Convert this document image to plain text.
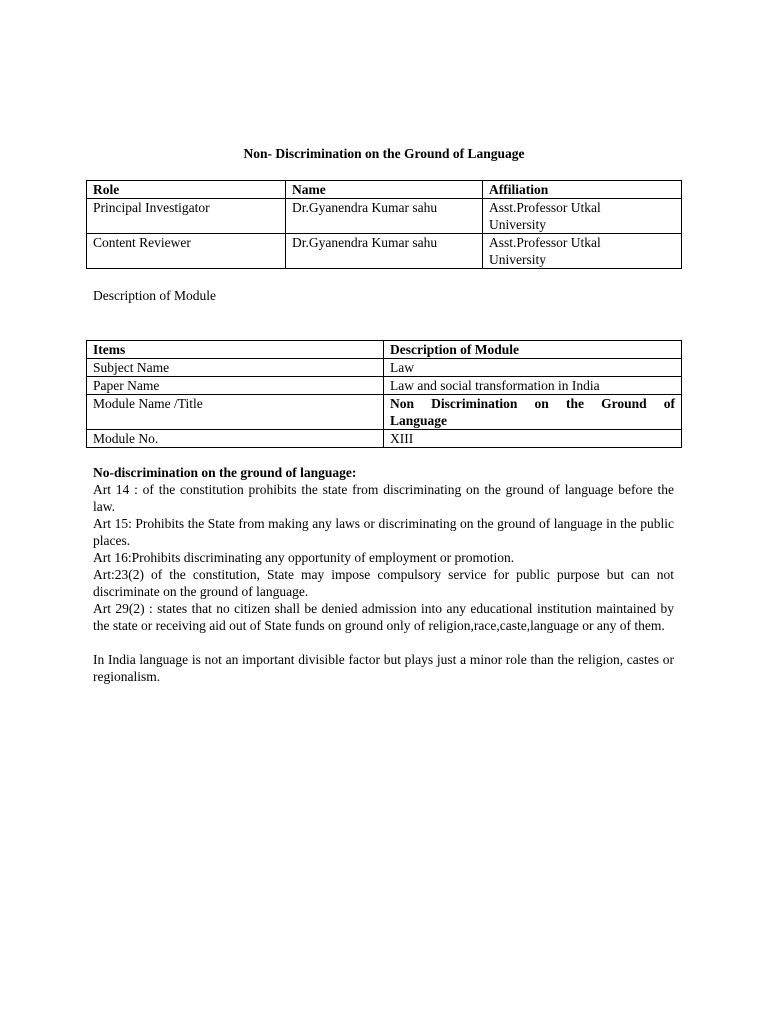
Non- Discrimination on the Ground of Language
Role	Name	Affiliation
Principal Investigator	Dr.Gyanendra Kumar sahu	Asst.Professor Utkal
University

Content Reviewer	Dr.Gyanendra Kumar sahu	Asst.Professor Utkal
University
Description of Module
Items	Description of Module
Subject Name	Law
Paper Name	Law and social transformation in India
Module Name /Title	Non Discrimination on the Ground of
Language

Module No.	XIII

No-discrimination on the ground of language:

Art 14 : of the constitution prohibits the state from discriminating on the ground of language before the law.

Art 15: Prohibits the State from making any laws or discriminating on the ground of language in the public places.

Art 16:Prohibits discriminating any opportunity of employment or promotion.

Art:23(2) of the constitution, State may impose compulsory service for public purpose but can not discriminate on the ground of language.

Art 29(2) : states that no citizen shall be denied admission into any educational institution maintained by the state or receiving aid out of State funds on ground only of religion,race,caste,language or any of them.

In India language is not an important divisible factor but plays just a minor role than the religion, castes or regionalism.
